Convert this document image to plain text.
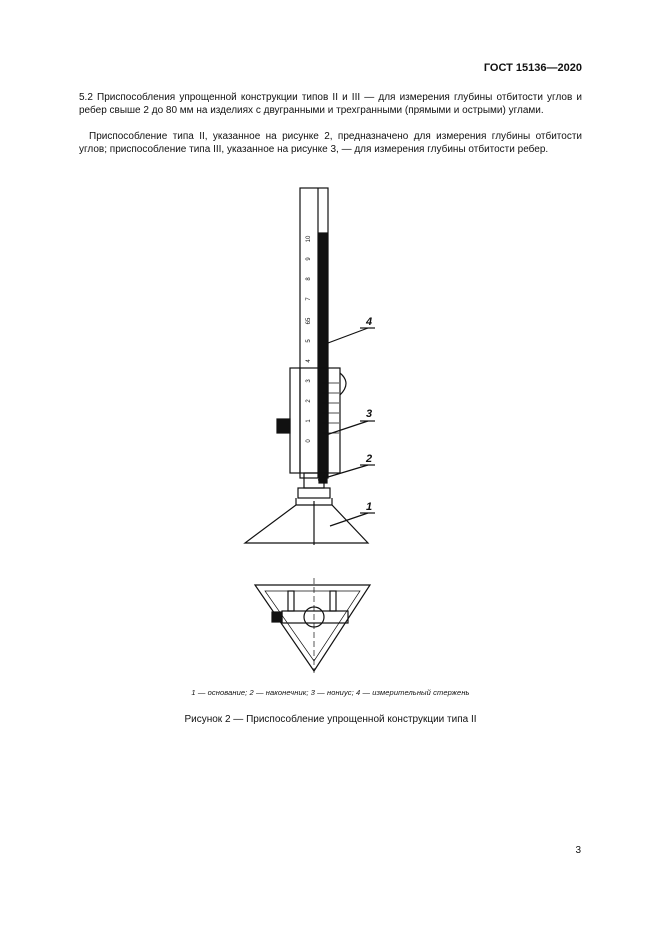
ГОСТ 15136—2020

5.2 Приспособления упрощенной конструкции типов II и III — для измерения глубины отбитости углов и ребер свыше 2 до 80 мм на изделиях с двугранными и трехгранными (прямыми и острыми) углами.

Приспособление типа II, указанное на рисунке 2, предназначено для измерения глубины отбитости углов; приспособление типа III, указанное на рисунке 3, — для измерения глубины отбитости ребер.

10
9
8
7
65
5
4
3
2
1
0
4
3
2
1
1 — основание; 2 — наконечник; 3 — нониус; 4 — измерительный стержень
Рисунок 2 — Приспособление упрощенной конструкции типа II
3
